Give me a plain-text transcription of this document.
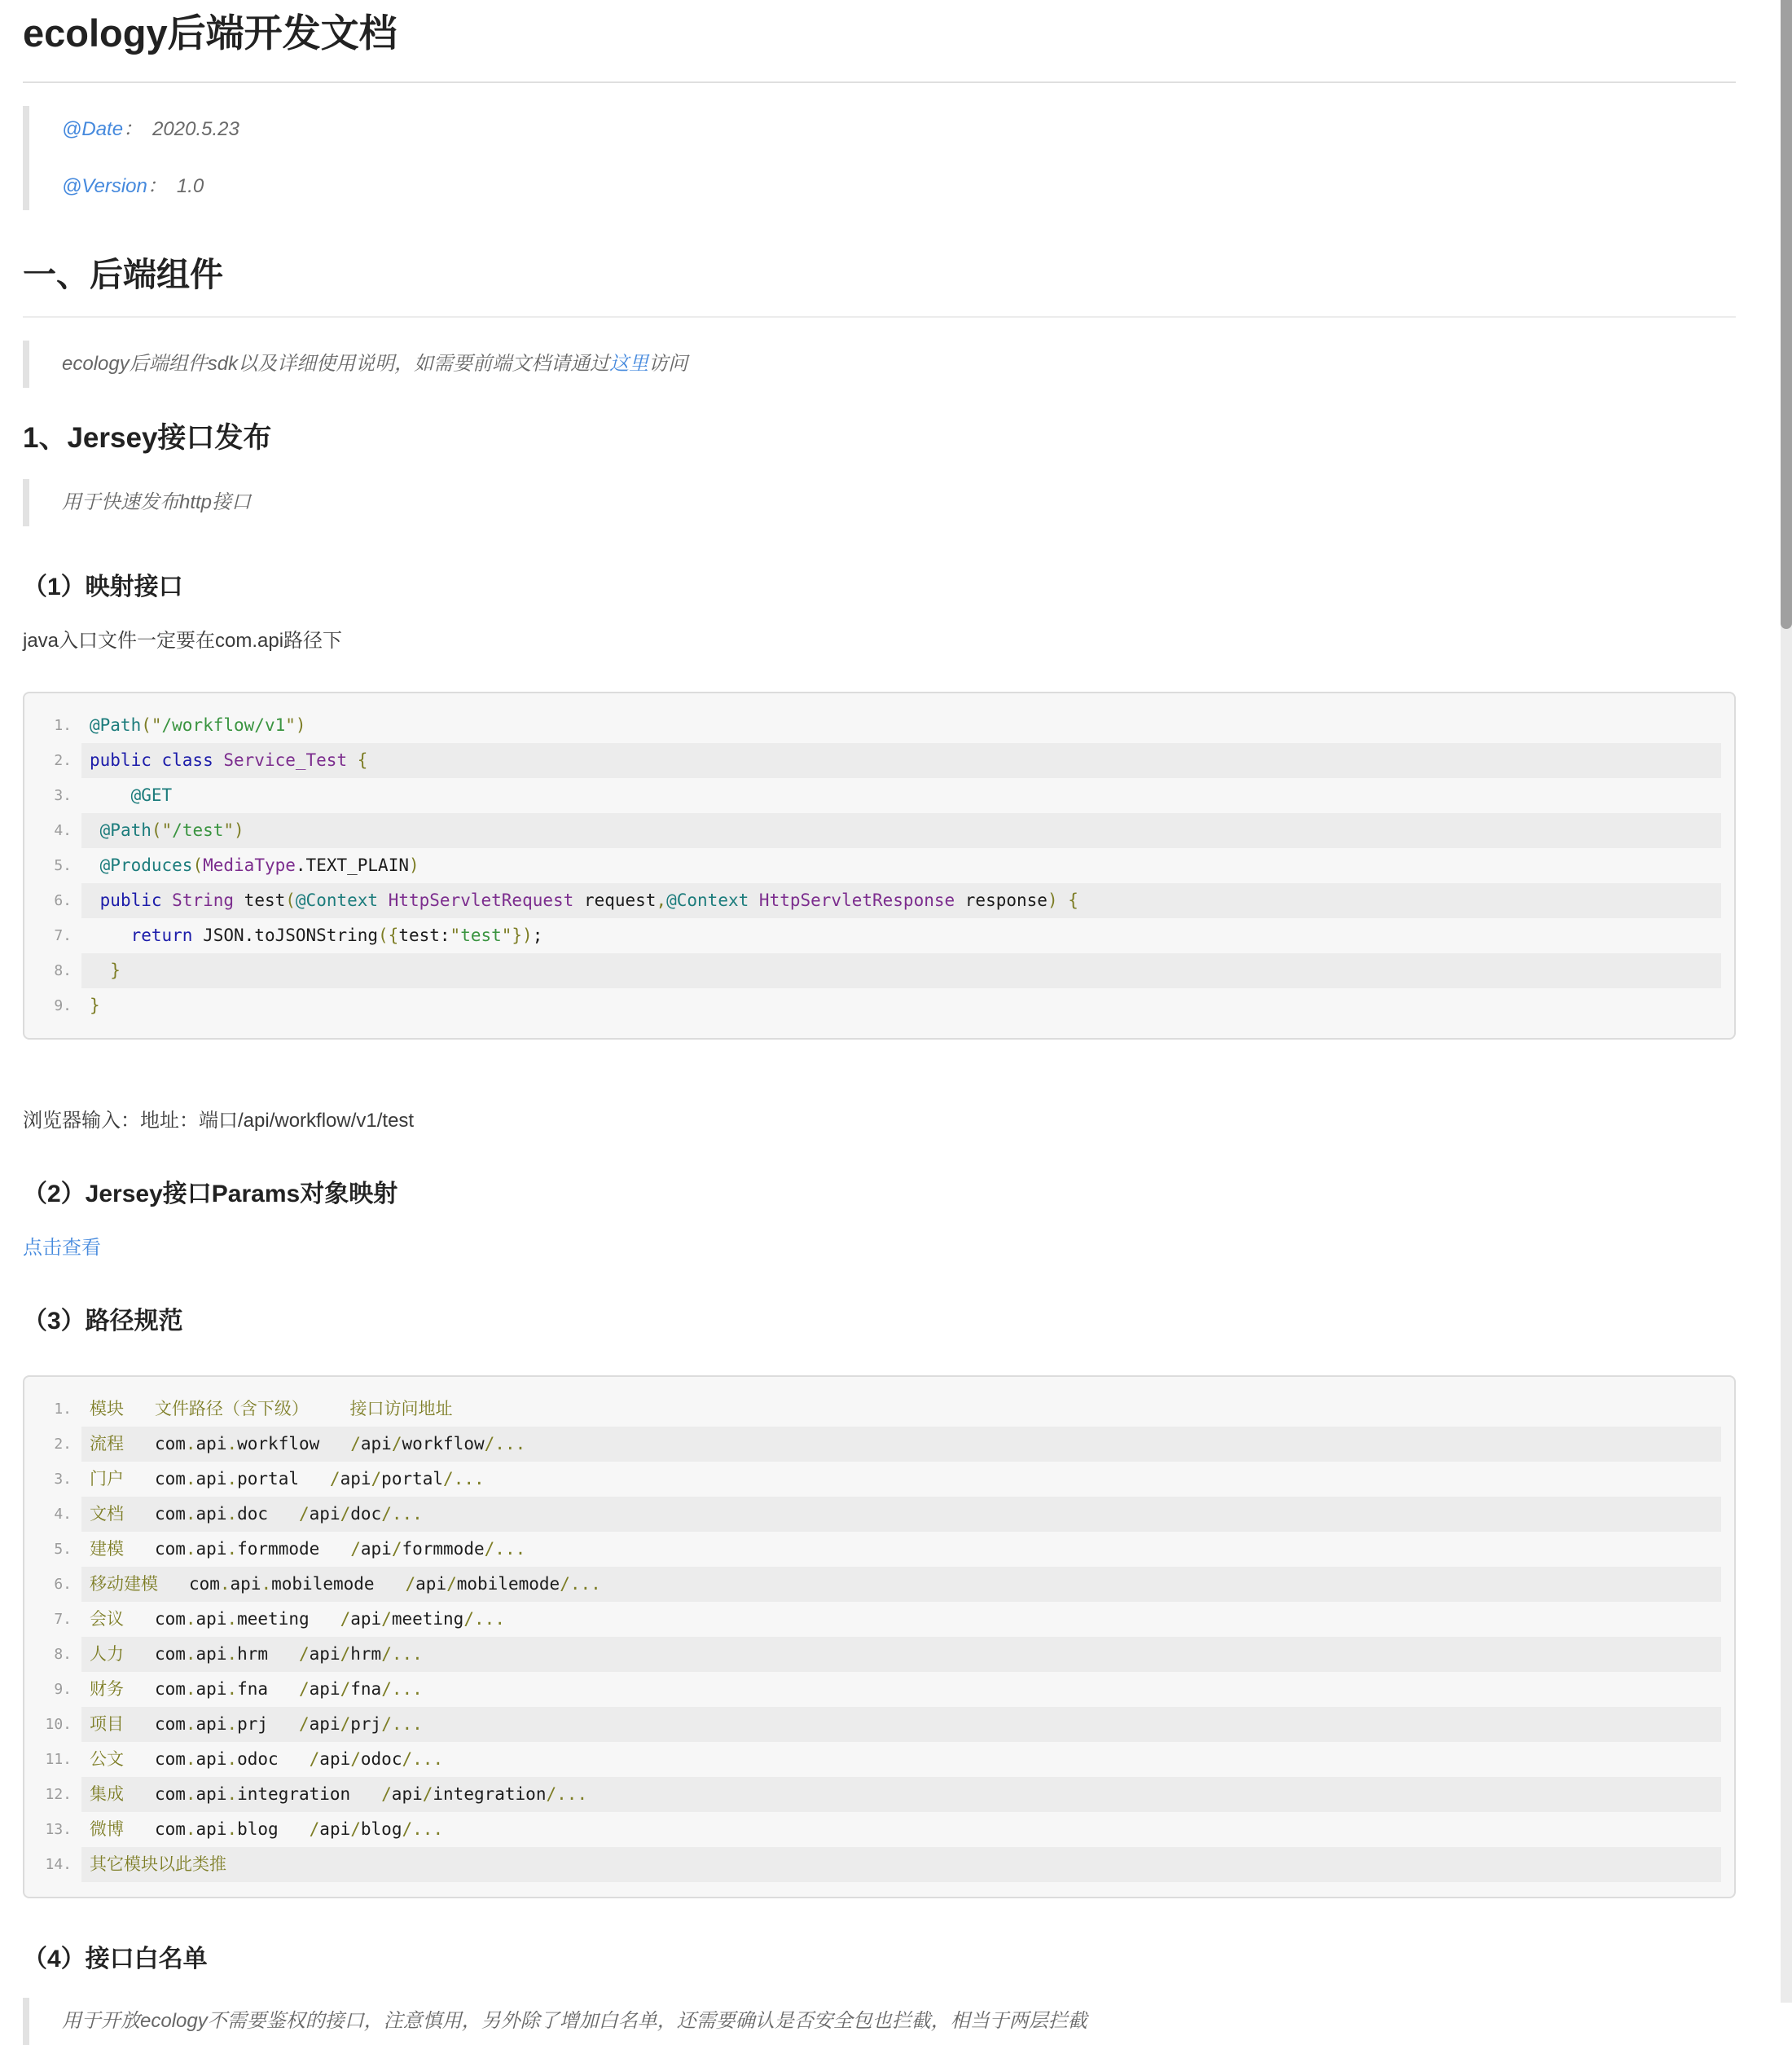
ecology后端开发文档

@Date： 2020.5.23

@Version： 1.0

一、后端组件

ecology后端组件sdk以及详细使用说明，如需要前端文档请通过这里访问

1、Jersey接口发布

用于快速发布http接口

（1）映射接口

java入口文件一定要在com.api路径下

1.	@Path("/workflow/v1")
2.	public class Service_Test {
3.	@GET
4.	@Path("/test")
5.	@Produces(MediaType.TEXT_PLAIN)
6.	public String test(@Context HttpServletRequest request,@Context HttpServletResponse response) {
7.	return JSON.toJSONString({test:"test"});
8.	}
9.	}

浏览器输入：地址：端口/api/workflow/v1/test

（2）Jersey接口Params对象映射

点击查看

（3）路径规范
1.	模块   文件路径（含下级）    接口访问地址
2.	流程 com.api.workflow /api/workflow/...
3.	门户 com.api.portal /api/portal/...
4.	文档 com.api.doc /api/doc/...
5.	建模 com.api.formmode /api/formmode/...
6.	移动建模 com.api.mobilemode /api/mobilemode/...
7.	会议 com.api.meeting /api/meeting/...
8.	人力 com.api.hrm /api/hrm/...
9.	财务 com.api.fna /api/fna/...
10.	项目 com.api.prj /api/prj/...
11.	公文 com.api.odoc /api/odoc/...
12.	集成 com.api.integration /api/integration/...
13.	微博 com.api.blog /api/blog/...
14.	其它模块以此类推
（4）接口白名单

用于开放ecology不需要鉴权的接口，注意慎用，另外除了增加白名单，还需要确认是否安全包也拦截，相当于两层拦截
